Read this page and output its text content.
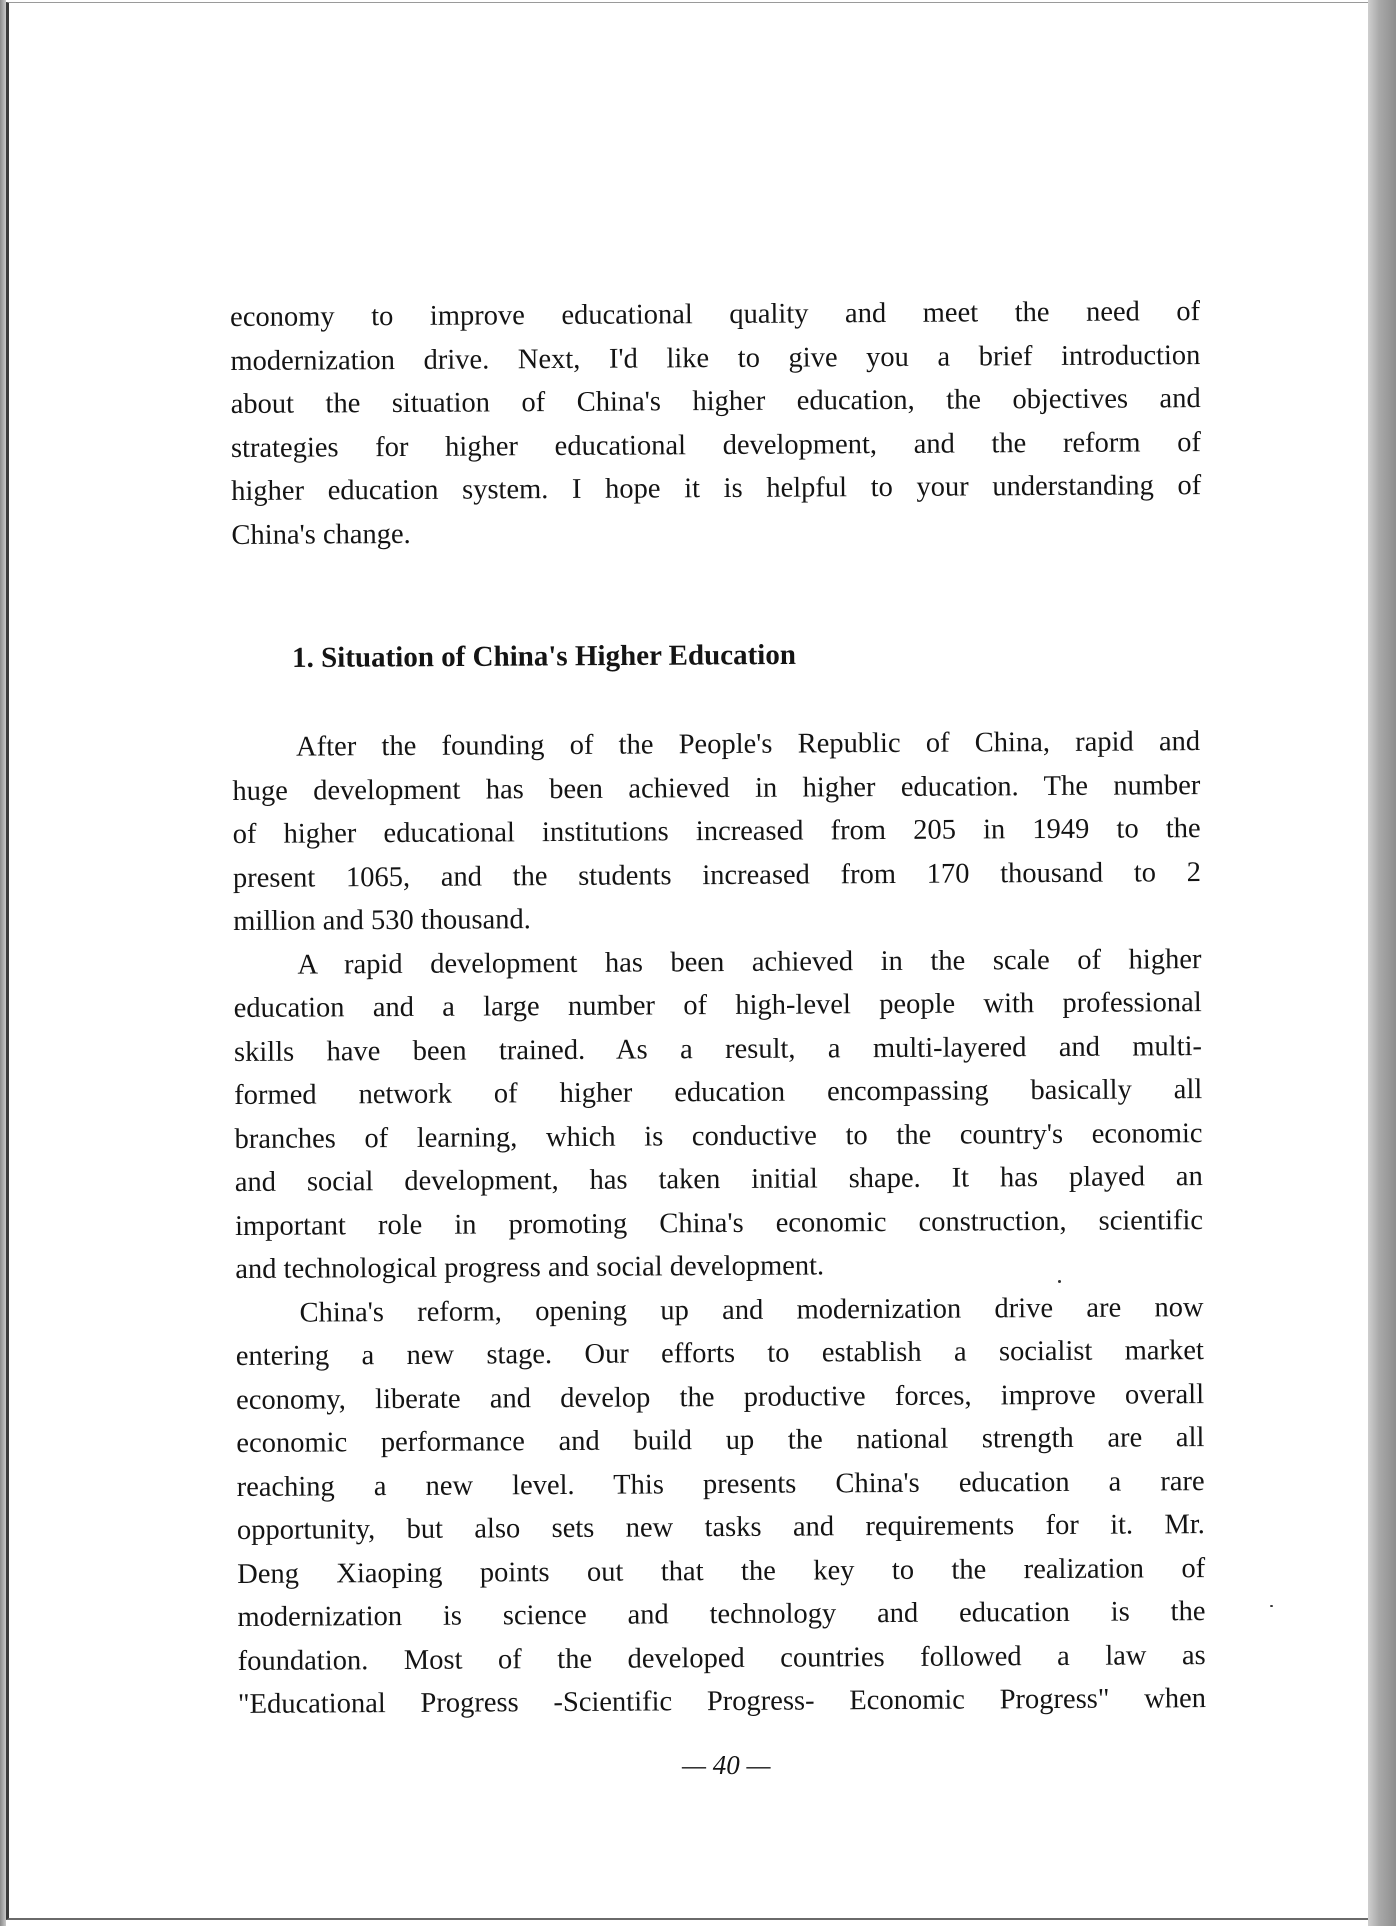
economy to improve educational quality and meet the need of
modernization drive. Next, I'd like to give you a brief introduction
about the situation of China's higher education, the objectives and
strategies for higher educational development, and the reform of
higher education system. I hope it is helpful to your understanding of
China's change.
1. Situation of China's Higher Education
After the founding of the People's Republic of China, rapid and
huge development has been achieved in higher education. The number
of higher educational institutions increased from 205 in 1949 to the
present 1065, and the students increased from 170 thousand to 2
million and 530 thousand.
A rapid development has been achieved in the scale of higher
education and a large number of high-level people with professional
skills have been trained. As a result, a multi-layered and multi-
formed network of higher education encompassing basically all
branches of learning, which is conductive to the country's economic
and social development, has taken initial shape. It has played an
important role in promoting China's economic construction, scientific
and technological progress and social development.
China's reform, opening up and modernization drive are now
entering a new stage. Our efforts to establish a socialist market
economy, liberate and develop the productive forces, improve overall
economic performance and build up the national strength are all
reaching a new level. This presents China's education a rare
opportunity, but also sets new tasks and requirements for it. Mr.
Deng Xiaoping points out that the key to the realization of
modernization is science and technology and education is the
foundation. Most of the developed countries followed a law as
"Educational Progress -Scientific Progress- Economic Progress" when
— 40 —
